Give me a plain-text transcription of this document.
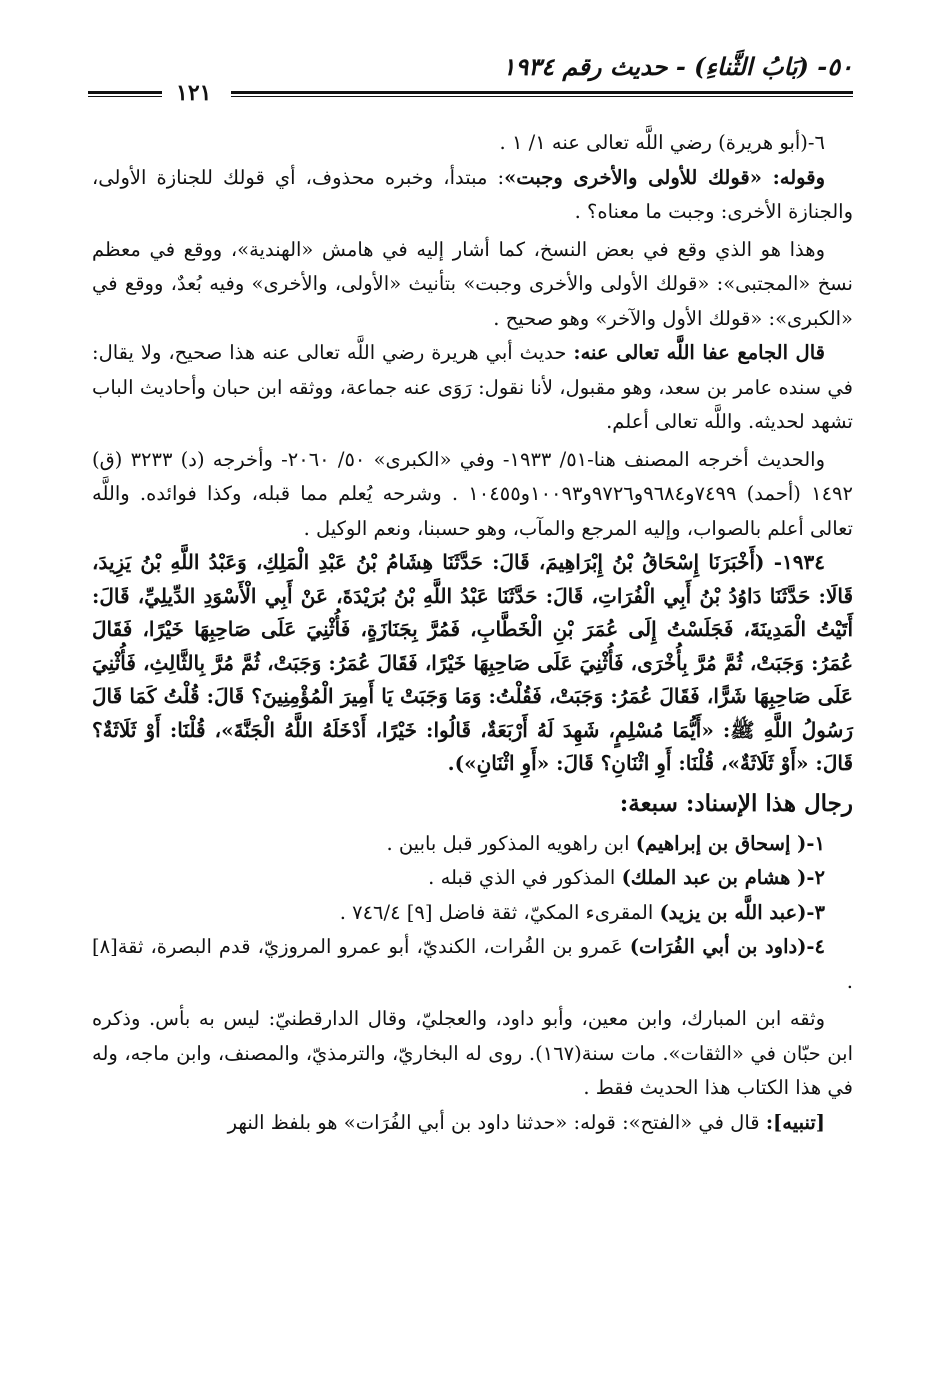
٥٠- (بَابُ الثَّناءِ) - حديث رقم ١٩٣٤
١٢١

٦-(أبو هريرة) رضي اللَّه تعالى عنه ١/ ١ .

وقوله: «قولك للأولى والأخرى وجبت»: مبتدأ، وخبره محذوف، أي قولك للجنازة الأولى، والجنازة الأخرى: وجبت ما معناه؟ .

وهذا هو الذي وقع في بعض النسخ، كما أشار إليه في هامش «الهندية»، ووقع في معظم نسخ «المجتبى»: «قولك الأولى والأخرى وجبت» بتأنيث «الأولى، والأخرى» وفيه بُعدٌ، ووقع في «الكبرى»: «قولك الأول والآخر» وهو صحيح .

قال الجامع عفا اللَّه تعالى عنه: حديث أبي هريرة رضي اللَّه تعالى عنه هذا صحيح، ولا يقال: في سنده عامر بن سعد، وهو مقبول، لأنا نقول: رَوَى عنه جماعة، ووثقه ابن حبان وأحاديث الباب تشهد لحديثه. واللَّه تعالى أعلم.

والحديث أخرجه المصنف هنا-٥١/ ١٩٣٣- وفي «الكبرى» ٥٠/ ٢٠٦٠- وأخرجه (د) ٣٢٣٣ (ق) ١٤٩٢ (أحمد) ٧٤٩٩و٩٦٨٤و٩٧٢٦و١٠٠٩٣و١٠٤٥٥ . وشرحه يُعلم مما قبله، وكذا فوائده. واللَّه تعالى أعلم بالصواب، وإليه المرجع والمآب، وهو حسبنا، ونعم الوكيل .

١٩٣٤- (أَخْبَرَنَا إِسْحَاقُ بْنُ إِبْرَاهِيمَ، قَالَ: حَدَّثَنَا هِشَامُ بْنُ عَبْدِ الْمَلِكِ، وَعَبْدُ اللَّهِ بْنُ يَزِيدَ، قَالَا: حَدَّثَنَا دَاوُدُ بْنُ أَبِي الْفُرَاتِ، قَالَ: حَدَّثَنَا عَبْدُ اللَّهِ بْنُ بُرَيْدَةَ، عَنْ أَبِي الْأَسْوَدِ الدِّيلِيِّ، قَالَ: أَتَيْتُ الْمَدِينَةَ، فَجَلَسْتُ إِلَى عُمَرَ بْنِ الْخَطَّابِ، فَمُرَّ بِجَنَازَةٍ، فَأُثْنِيَ عَلَى صَاحِبِهَا خَيْرًا، فَقَالَ عُمَرُ: وَجَبَتْ، ثُمَّ مُرَّ بِأُخْرَى، فَأُثْنِيَ عَلَى صَاحِبِهَا خَيْرًا، فَقَالَ عُمَرُ: وَجَبَتْ، ثُمَّ مُرَّ بِالثَّالِثِ، فَأُثْنِيَ عَلَى صَاحِبِهَا شَرًّا، فَقَالَ عُمَرُ: وَجَبَتْ، فَقُلْتُ: وَمَا وَجَبَتْ يَا أَمِيرَ الْمُؤْمِنِينَ؟ قَالَ: قُلْتُ كَمَا قَالَ رَسُولُ اللَّهِ ﷺ: «أَيُّمَا مُسْلِمٍ، شَهِدَ لَهُ أَرْبَعَةٌ، قَالُوا: خَيْرًا، أَدْخَلَهُ اللَّهُ الْجَنَّةَ»، قُلْنَا: أَوْ ثَلَاثَةٌ؟ قَالَ: «أَوْ ثَلَاثَةٌ»، قُلْنَا: أَوِ اثْنَانِ؟ قَالَ: «أَوِ اثْنَانِ»).

رجال هذا الإسناد: سبعة:

١-( إسحاق بن إبراهيم) ابن راهويه المذكور قبل بابين .

٢-( هشام بن عبد الملك) المذكور في الذي قبله .

٣-(عبد اللَّه بن يزيد) المقرىء المكيّ، ثقة فاضل [٩] ٧٤٦/٤ .

٤-(داود بن أبي الفُرَات) عَمرو بن الفُرات، الكنديّ، أبو عمرو المروزيّ، قدم البصرة، ثقة[٨] .

وثقه ابن المبارك، وابن معين، وأبو داود، والعجليّ، وقال الدارقطنيّ: ليس به بأس. وذكره ابن حبّان في «الثقات». مات سنة(١٦٧). روى له البخاريّ، والترمذيّ، والمصنف، وابن ماجه، وله في هذا الكتاب هذا الحديث فقط .

[تنبيه]: قال في «الفتح»: قوله: «حدثنا داود بن أبي الفُرَات» هو بلفظ النهر
